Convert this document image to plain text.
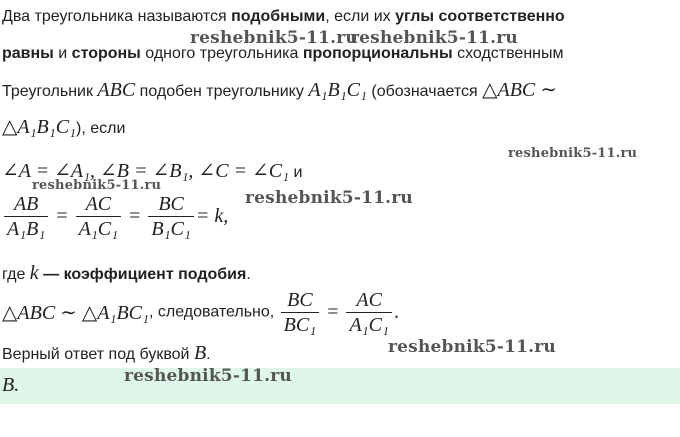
Два треугольника называются подобными, если их углы соответственно
равны и стороны одного треугольника пропорциональны сходственным
Треугольник ABC подобен треугольнику A₁B₁C₁ (обозначается △ABC ∼
△A₁B₁C₁), если
∠A = ∠A₁, ∠B = ∠B₁, ∠C = ∠C₁ и
$\frac{AB}{\text{A₁B₁}} = \frac{AC}{\text{A₁C₁}} = \frac{BC}{\text{B₁C₁}} = k$,
где k — коэффициент подобия.
△ABC ∼ △A₁BC₁, следовательно, $\frac{BC}{\text{BC₁}} = \frac{AC}{\text{A₁C₁}}$ .
Верный ответ под буквой B.
B.
reshebnik5-11.ru
reshebnik5-11.ru
reshebnik5-11.ru
reshebnik5-11.ru
reshebnik5-11.ru
reshebnik5-11.ru
reshebnik5-11.ru
